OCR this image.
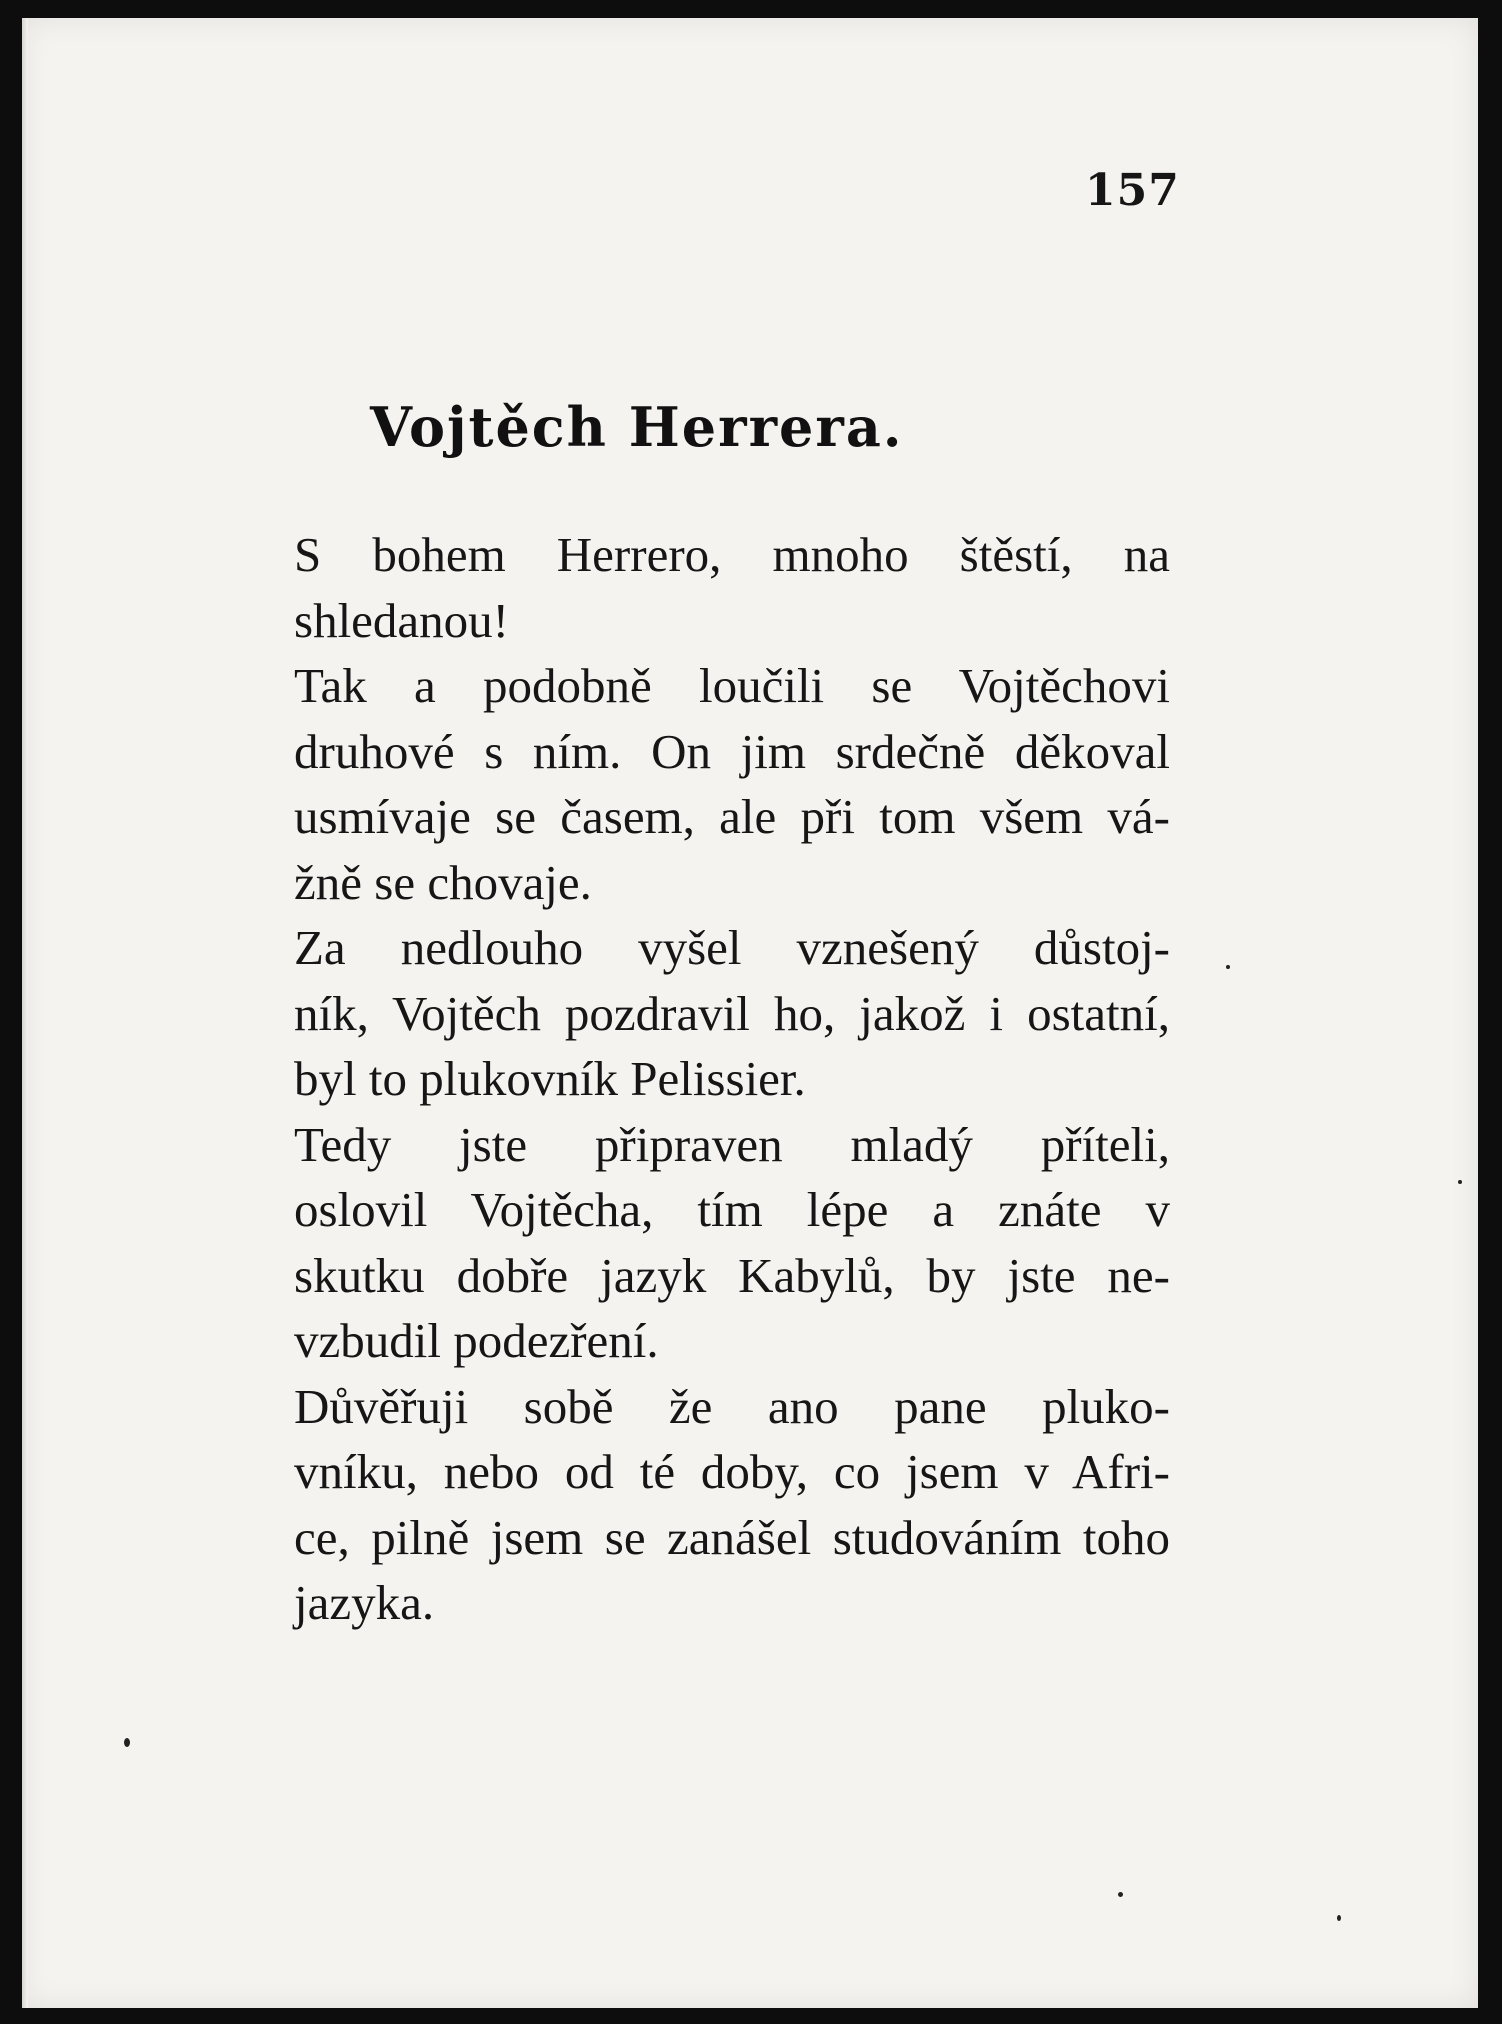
157
Vojtěch Herrera.

S bohem Herrero, mnoho štěstí, na
shledanou!

Tak a podobně loučili se Vojtěchovi
druhové s ním. On jim srdečně děkoval
usmívaje se časem, ale při tom všem vá-
žně se chovaje.

Za nedlouho vyšel vznešený důstoj-
ník, Vojtěch pozdravil ho, jakož i ostatní,
byl to plukovník Pelissier.

Tedy jste připraven mladý příteli,
oslovil Vojtěcha, tím lépe a znáte v
skutku dobře jazyk Kabylů, by jste ne-
vzbudil podezření.

Důvěřuji sobě že ano pane pluko-
vníku, nebo od té doby, co jsem v Afri-
ce, pilně jsem se zanášel studováním toho
jazyka.
